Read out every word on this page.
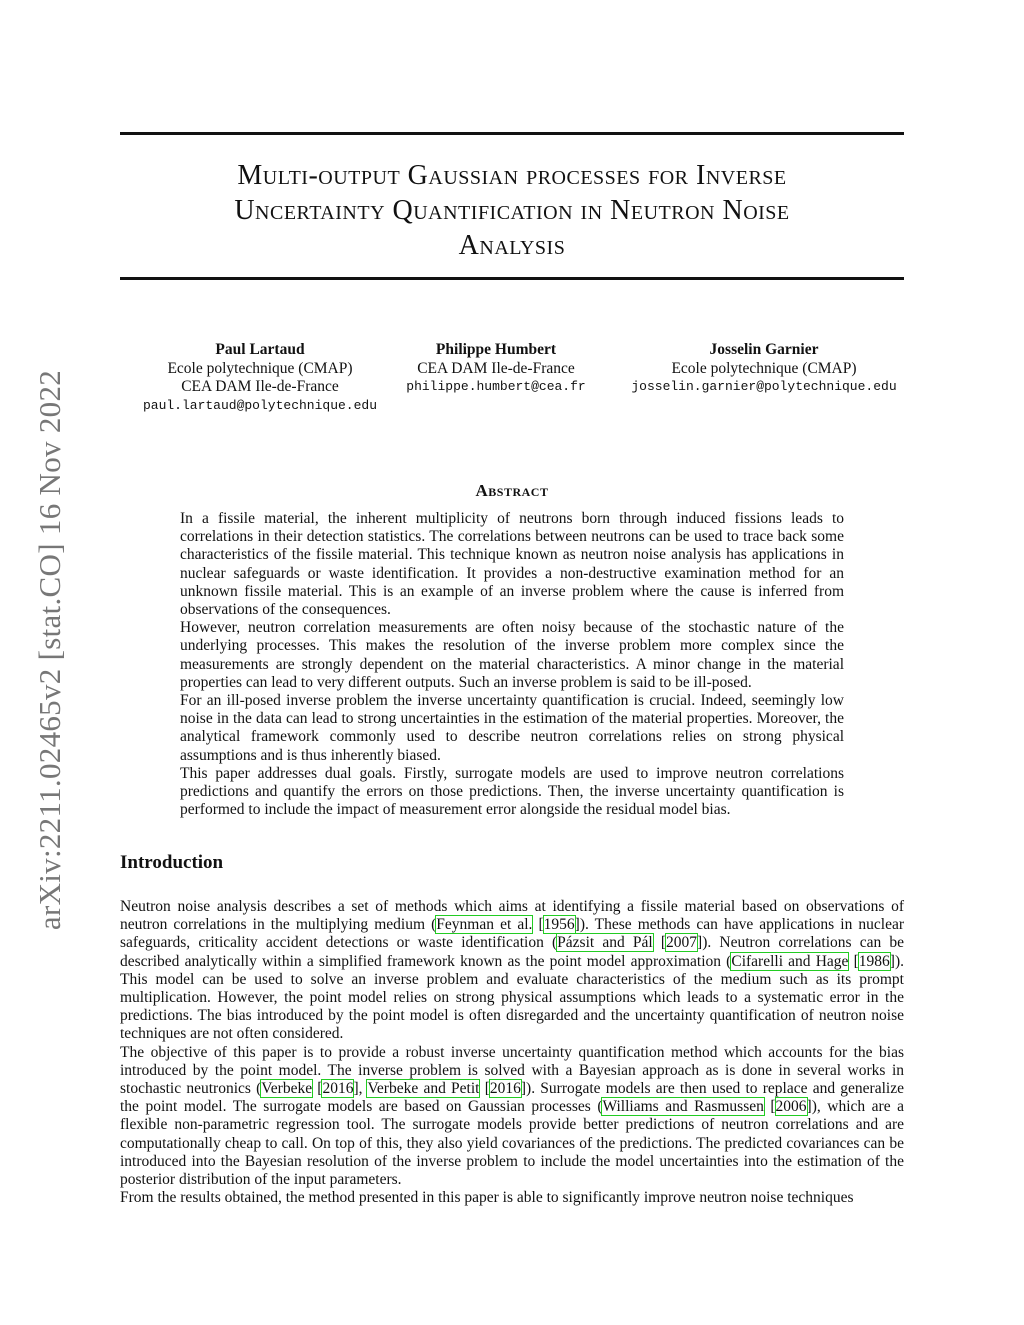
arXiv:2211.02465v2 [stat.CO] 16 Nov 2022
Multi-output Gaussian processes for Inverse
Uncertainty Quantification in Neutron Noise
Analysis
Paul Lartaud
Ecole polytechnique (CMAP)
CEA DAM Ile-de-France
paul.lartaud@polytechnique.edu
Philippe Humbert
CEA DAM Ile-de-France
philippe.humbert@cea.fr
Josselin Garnier
Ecole polytechnique (CMAP)
josselin.garnier@polytechnique.edu
Abstract

In a fissile material, the inherent multiplicity of neutrons born through induced fissions leads to correlations in their detection statistics. The correlations between neutrons can be used to trace back some characteristics of the fissile material. This technique known as neutron noise analysis has applications in nuclear safeguards or waste identification. It provides a non-destructive examination method for an unknown fissile material. This is an example of an inverse problem where the cause is inferred from observations of the consequences.

However, neutron correlation measurements are often noisy because of the stochastic nature of the underlying processes. This makes the resolution of the inverse problem more complex since the measurements are strongly dependent on the material characteristics. A minor change in the material properties can lead to very different outputs. Such an inverse problem is said to be ill-posed.

For an ill-posed inverse problem the inverse uncertainty quantification is crucial. Indeed, seemingly low noise in the data can lead to strong uncertainties in the estimation of the material properties. Moreover, the analytical framework commonly used to describe neutron correlations relies on strong physical assumptions and is thus inherently biased.

This paper addresses dual goals. Firstly, surrogate models are used to improve neutron correlations predictions and quantify the errors on those predictions. Then, the inverse uncertainty quantification is performed to include the impact of measurement error alongside the residual model bias.

Introduction

Neutron noise analysis describes a set of methods which aims at identifying a fissile material based on observations of neutron correlations in the multiplying medium (Feynman et al. [1956]). These methods can have applications in nuclear safeguards, criticality accident detections or waste identification (Pázsit and Pál [2007]). Neutron correlations can be described analytically within a simplified framework known as the point model approximation (Cifarelli and Hage [1986]). This model can be used to solve an inverse problem and evaluate characteristics of the medium such as its prompt multiplication. However, the point model relies on strong physical assumptions which leads to a systematic error in the predictions. The bias introduced by the point model is often disregarded and the uncertainty quantification of neutron noise techniques are not often considered.

The objective of this paper is to provide a robust inverse uncertainty quantification method which accounts for the bias introduced by the point model. The inverse problem is solved with a Bayesian approach as is done in several works in stochastic neutronics (Verbeke [2016], Verbeke and Petit [2016]). Surrogate models are then used to replace and generalize the point model. The surrogate models are based on Gaussian processes (Williams and Rasmussen [2006]), which are a flexible non-parametric regression tool. The surrogate models provide better predictions of neutron correlations and are computationally cheap to call. On top of this, they also yield covariances of the predictions. The predicted covariances can be introduced into the Bayesian resolution of the inverse problem to include the model uncertainties into the estimation of the posterior distribution of the input parameters.

From the results obtained, the method presented in this paper is able to significantly improve neutron noise techniques
